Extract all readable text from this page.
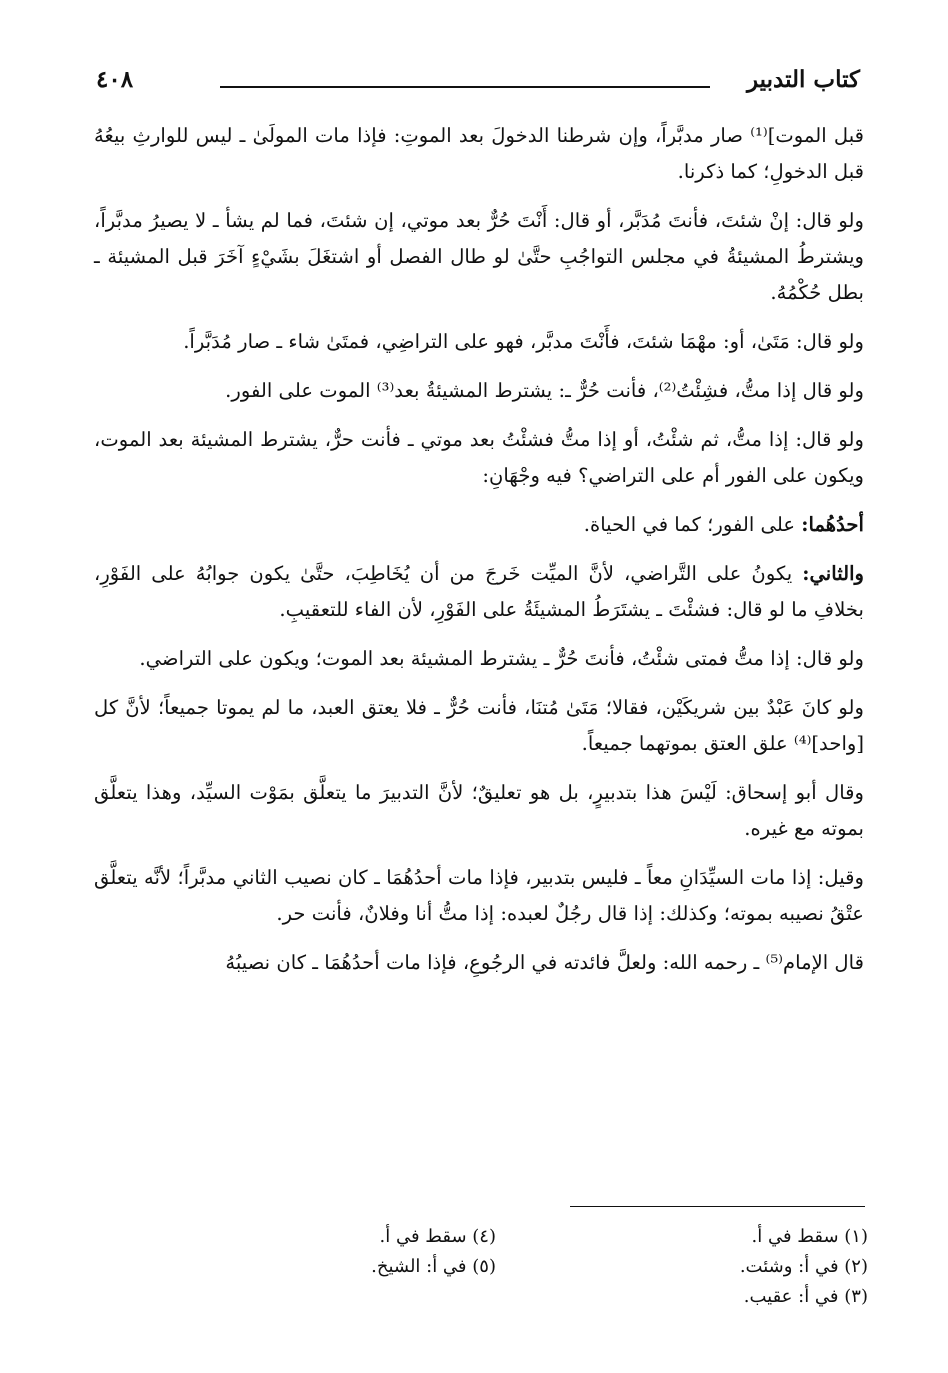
كتاب التدبير
٤٠٨

قبل الموت]⁽¹⁾ صار مدبَّراً، وإن شرطنا الدخولَ بعد الموتِ: فإذا مات المولَىٰ ـ ليس للوارثِ بيعُهُ قبل الدخولِ؛ كما ذكرنا.

ولو قال: إنْ شئتَ، فأنتَ مُدَبَّر، أو قال: أَنْتَ حُرٌّ بعد موتي، إن شئتَ، فما لم يشأ ـ لا يصيرُ مدبَّراً، ويشترطُ المشيئةُ في مجلس التواجُبِ حتَّىٰ لو طال الفصل أو اشتغَلَ بشَيْءٍ آخَرَ قبل المشيئة ـ بطل حُكْمُهُ.

ولو قال: مَتَىٰ، أو: مهْمَا شئتَ، فأَنْتَ مدبَّر، فهو على التراضِي، فمتَىٰ شاء ـ صار مُدَبَّراً.

ولو قال إذا متُّ، فشِئْتُ⁽²⁾، فأنت حُرٌّ ـ: يشترط المشيئةُ بعد⁽³⁾ الموت على الفور.

ولو قال: إذا متُّ، ثم شئْتُ، أو إذا متُّ فشئْتُ بعد موتي ـ فأنت حرٌّ، يشترط المشيئة بعد الموت، ويكون على الفور أم على التراضي؟ فيه وجْهَانِ:

أحدُهُما: على الفور؛ كما في الحياة.

والثاني: يكونُ على التَّراضي، لأنَّ الميِّت خَرجَ من أن يُخَاطِبَ، حتَّىٰ يكون جوابُهُ على الفَوْرِ، بخلافِ ما لو قال: فشئْتَ ـ يشتَرَطُ المشيئَةُ على الفَوْرِ، لأن الفاء للتعقيبِ.

ولو قال: إذا متُّ فمتى شئْتُ، فأنتَ حُرٌّ ـ يشترط المشيئة بعد الموت؛ ويكون على التراضي.

ولو كانَ عَبْدٌ بين شريكَيْن، فقالا؛ مَتَىٰ مُتنَا، فأنت حُرٌّ ـ فلا يعتق العبد، ما لم يموتا جميعاً؛ لأنَّ كل [واحد]⁽⁴⁾ علق العتق بموتهما جميعاً.

وقال أبو إسحاق: لَيْسَ هذا بتدبيرٍ، بل هو تعليقٌ؛ لأنَّ التدبيرَ ما يتعلَّق بمَوْت السيِّد، وهذا يتعلَّق بموته مع غيره.

وقيل: إذا مات السيِّدَانِ معاً ـ فليس بتدبير، فإذا مات أحدُهُمَا ـ كان نصيب الثاني مدبَّراً؛ لأنَّه يتعلَّق عتْقُ نصيبه بموته؛ وكذلك: إذا قال رجُلٌ لعبده: إذا متُّ أنا وفلانٌ، فأنت حر.

قال الإمام⁽⁵⁾ ـ رحمه الله: ولعلَّ فائدته في الرجُوعِ، فإذا مات أحدُهُمَا ـ كان نصيبُهُ

(١) سقط في أ.
(٢) في أ: وشئت.
(٣) في أ: عقيب.
(٤) سقط في أ.
(٥) في أ: الشيخ.
